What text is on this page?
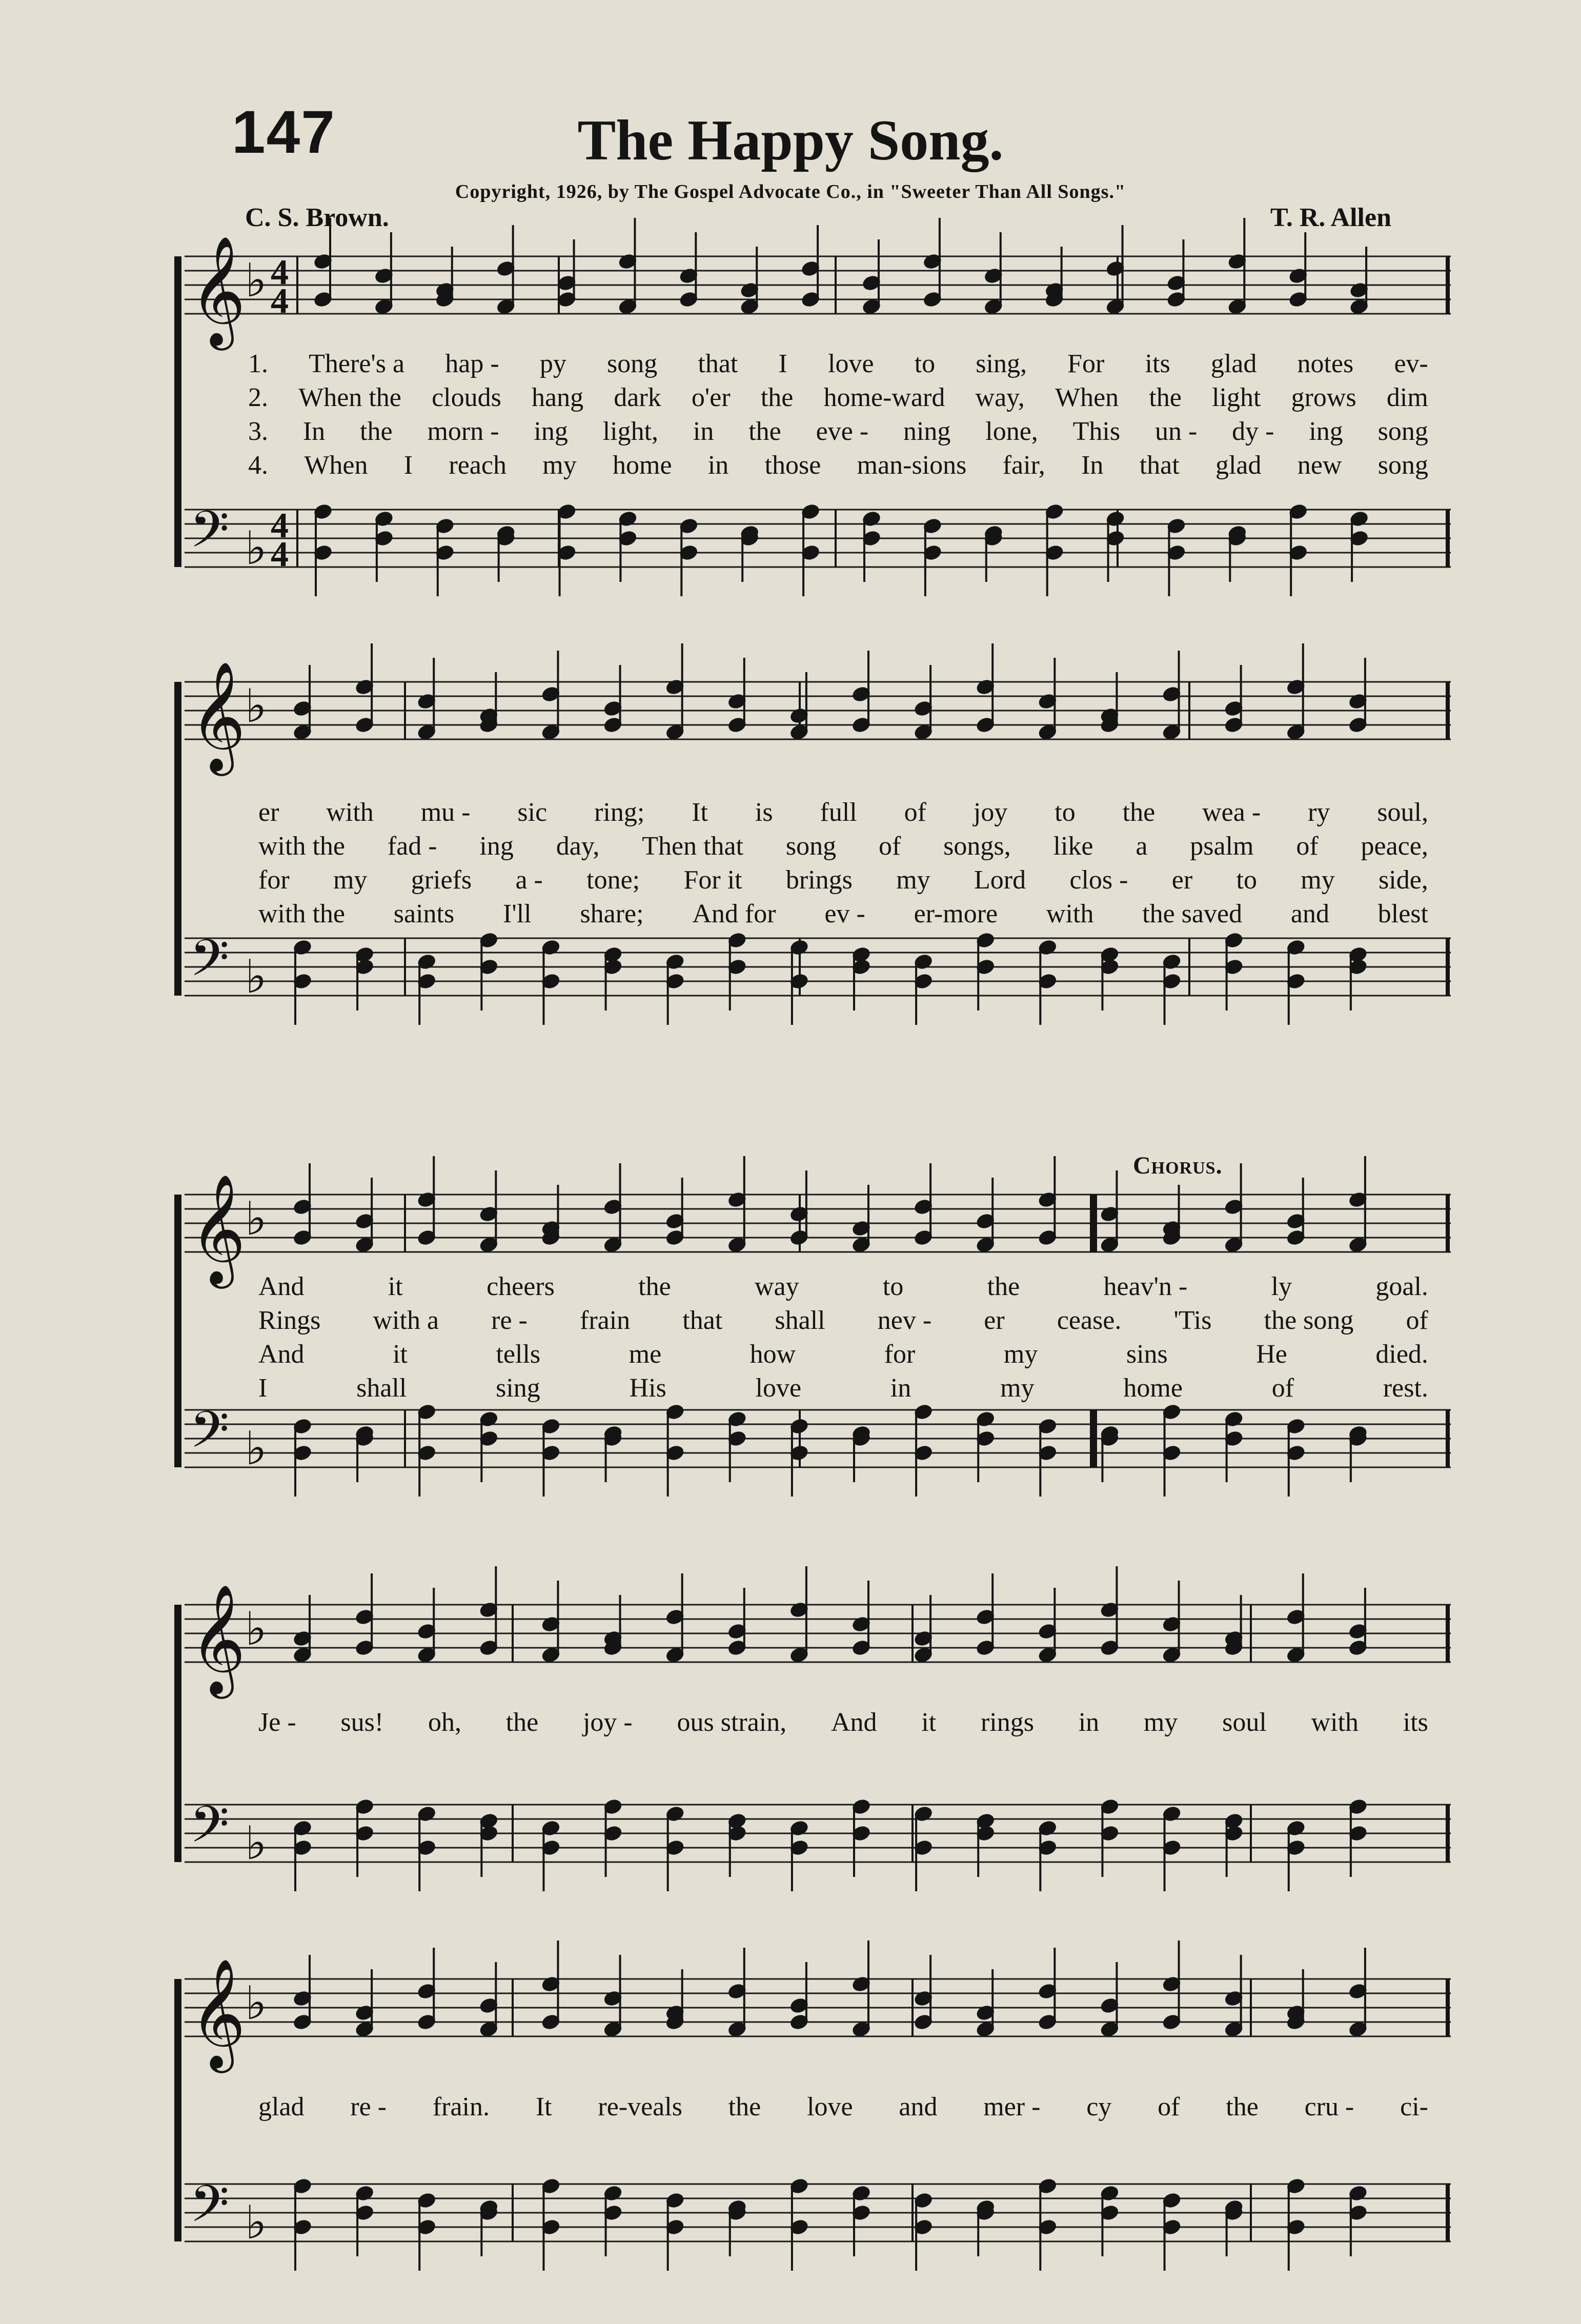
147	The Happy Song.
Copyright, 1926, by The Gospel Advocate Co., in "Sweeter Than All Songs."
C. S. Brown.	T. R. Allen
𝄞
𝄢
♭
♭
4
4
4
4
1. There's a hap - py song that I love to sing, For its glad notes ev-
2. When the clouds hang dark o'er the home-ward way, When the light grows dim
3. In the morn - ing light, in the eve - ning lone, This un - dy - ing song
4. When I reach my home in those man-sions fair, In that glad new song
𝄞
𝄢
♭
♭
er with mu - sic ring; It is full of joy to the wea - ry soul,
with the fad - ing day, Then that song of songs, like a psalm of peace,
for my griefs a - tone; For it brings my Lord clos - er to my side,
with the saints I'll share; And for ev - er-more with the saved and blest
𝄞
𝄢
♭
♭
And	it	cheers	the	way	to	the	heav'n -	ly	goal.
Rings with a re - frain that shall nev - er cease. 'Tis the song of
And	it	tells	me	how	for	my	sins	He	died.
I	shall	sing	His	love	in	my	home	of	rest.
Chorus.
𝄞
𝄢
♭
♭
Je - sus! oh, the joy - ous strain, And it rings in my soul with its
𝄞
𝄢
♭
♭
glad re - frain. It re-veals the love and mer - cy of the cru - ci-
